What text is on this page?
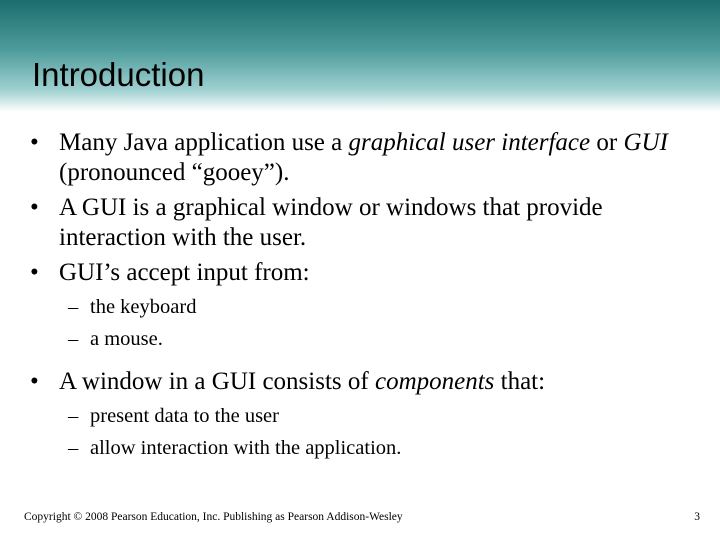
Introduction
• Many Java application use a graphical user interface or GUI (pronounced “gooey”).
• A GUI is a graphical window or windows that provide interaction with the user.
• GUI’s accept input from:
– the keyboard
– a mouse.
• A window in a GUI consists of components that:
– present data to the user
– allow interaction with the application.
Copyright © 2008 Pearson Education, Inc. Publishing as Pearson Addison-Wesley	3
